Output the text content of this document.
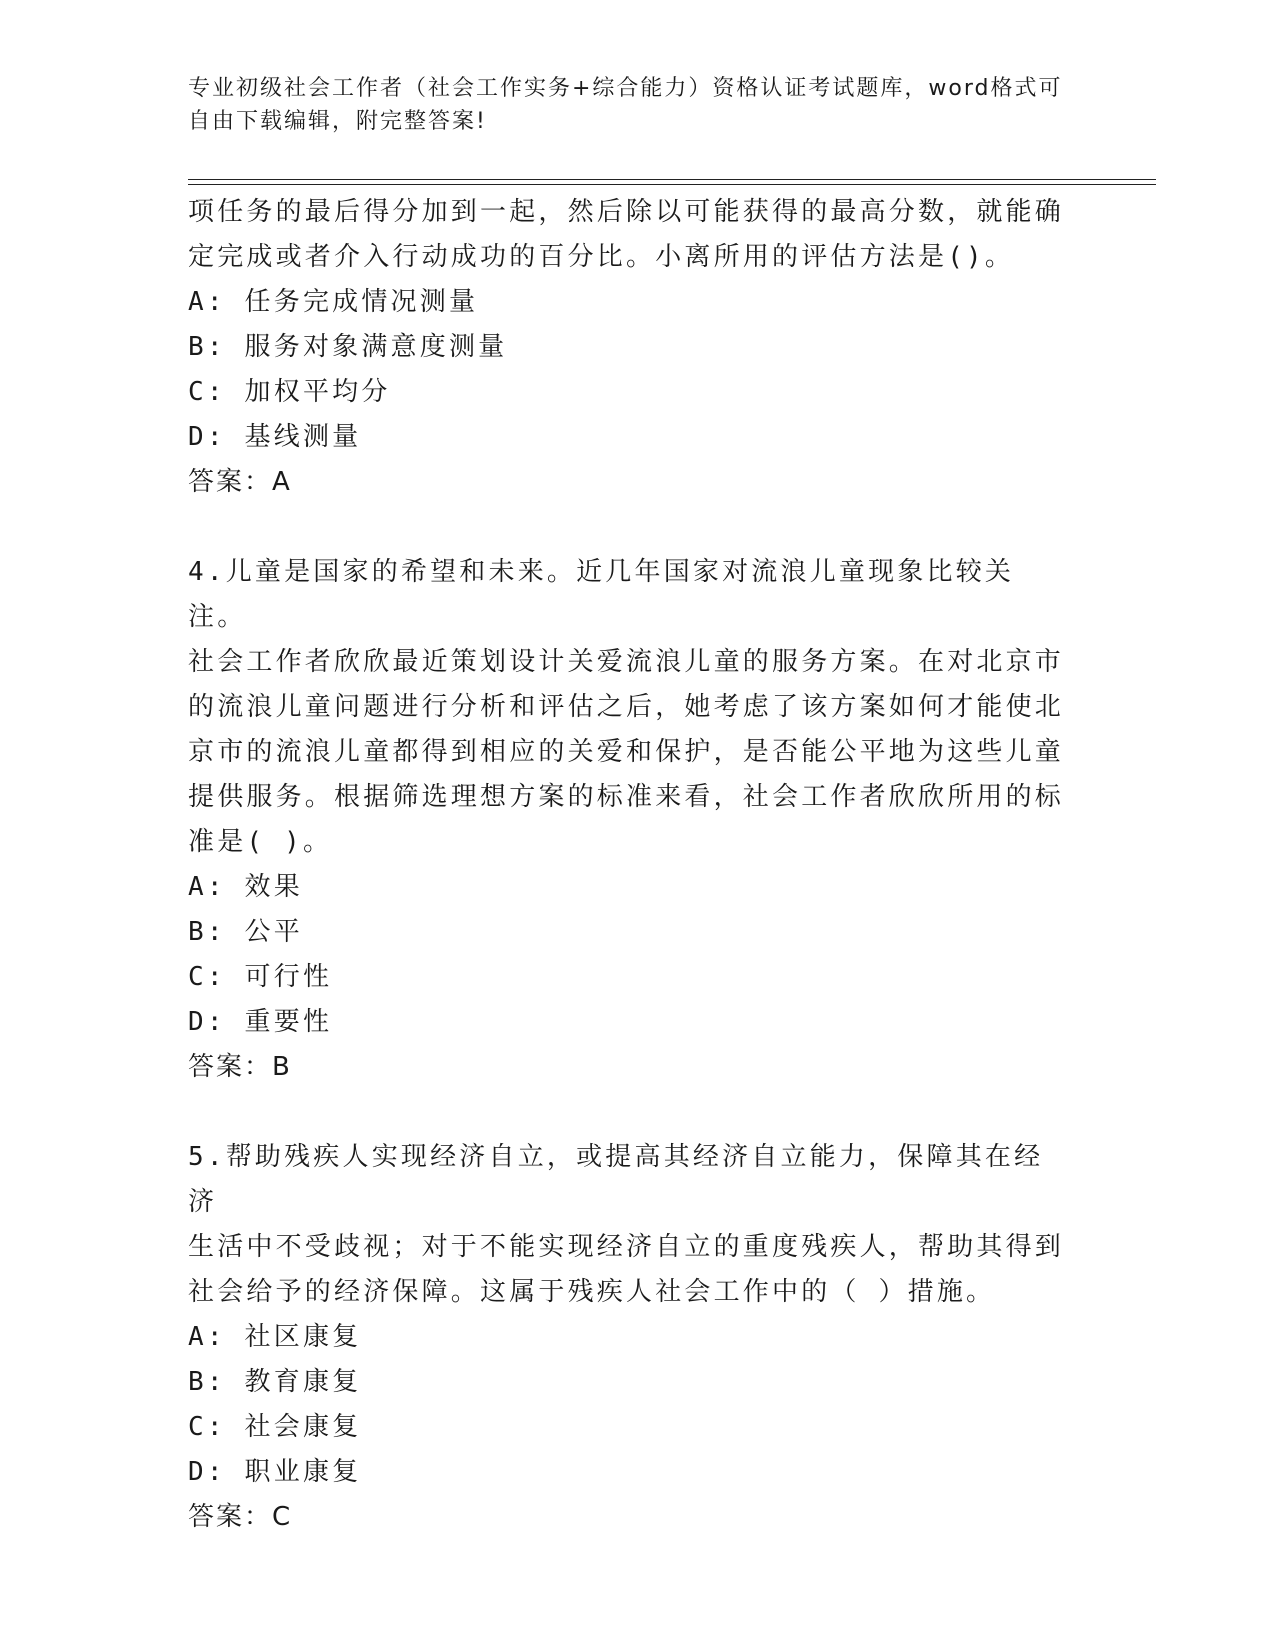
专业初级社会工作者（社会工作实务+综合能力）资格认证考试题库，word格式可
自由下载编辑，附完整答案!

项任务的最后得分加到一起，然后除以可能获得的最高分数，就能确

定完成或者介入行动成功的百分比。小离所用的评估方法是()。

A: 任务完成情况测量

B: 服务对象满意度测量

C: 加权平均分

D: 基线测量

答案：A

4.儿童是国家的希望和未来。近几年国家对流浪儿童现象比较关注。

社会工作者欣欣最近策划设计关爱流浪儿童的服务方案。在对北京市

的流浪儿童问题进行分析和评估之后，她考虑了该方案如何才能使北

京市的流浪儿童都得到相应的关爱和保护，是否能公平地为这些儿童

提供服务。根据筛选理想方案的标准来看，社会工作者欣欣所用的标

准是( )。

A: 效果

B: 公平

C: 可行性

D: 重要性

答案：B

5.帮助残疾人实现经济自立，或提高其经济自立能力，保障其在经济

生活中不受歧视；对于不能实现经济自立的重度残疾人，帮助其得到

社会给予的经济保障。这属于残疾人社会工作中的（ ）措施。

A: 社区康复

B: 教育康复

C: 社会康复

D: 职业康复

答案：C
